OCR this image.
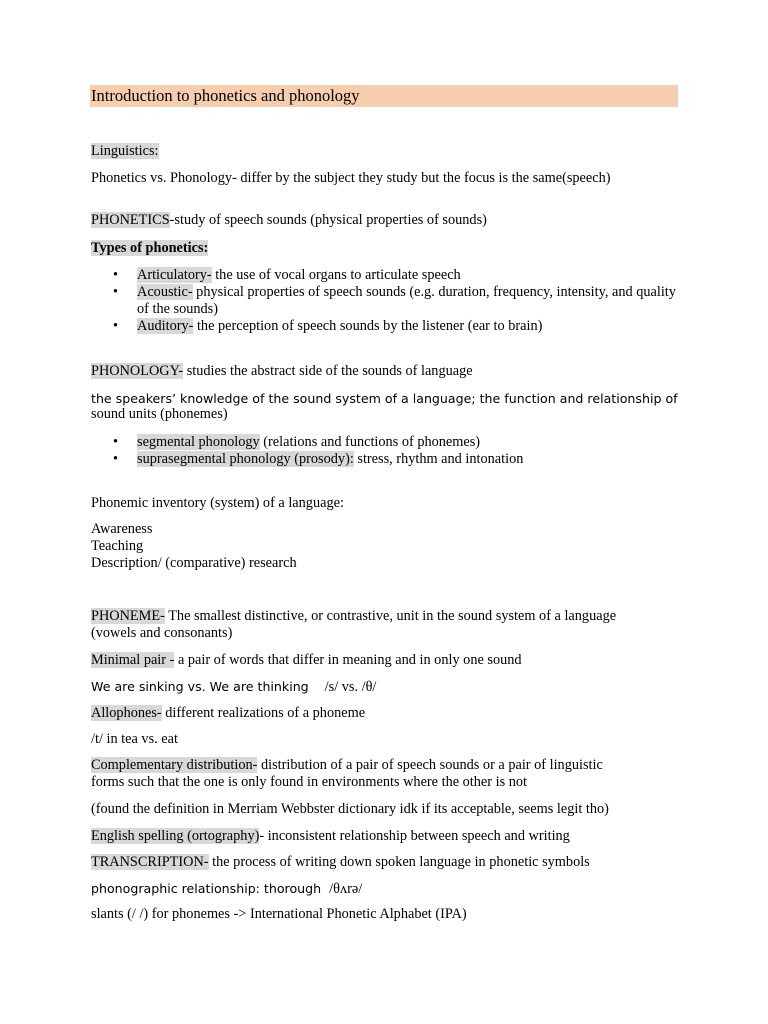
Introduction to phonetics and phonology
Linguistics:
Phonetics vs. Phonology- differ by the subject they study but the focus is the same(speech)
PHONETICS-study of speech sounds (physical properties of sounds)
Types of phonetics:
• Articulatory- the use of vocal organs to articulate speech
• Acoustic- physical properties of speech sounds (e.g. duration, frequency, intensity, and quality of the sounds)
• Auditory- the perception of speech sounds by the listener (ear to brain)
PHONOLOGY- studies the abstract side of the sounds of language
the speakers’ knowledge of the sound system of a language; the function and relationship of
sound units (phonemes)
• segmental phonology (relations and functions of phonemes)
• suprasegmental phonology (prosody): stress, rhythm and intonation
Phonemic inventory (system) of a language:
Awareness
Teaching
Description/ (comparative) research
PHONEME- The smallest distinctive, or contrastive, unit in the sound system of a language
(vowels and consonants)
Minimal pair - a pair of words that differ in meaning and in only one sound
We are sinking vs. We are thinking /s/ vs. /θ/
Allophones- different realizations of a phoneme
/t/ in tea vs. eat
Complementary distribution- distribution of a pair of speech sounds or a pair of linguistic
forms such that the one is only found in environments where the other is not
(found the definition in Merriam Webbster dictionary idk if its acceptable, seems legit tho)
English spelling (ortography)- inconsistent relationship between speech and writing
TRANSCRIPTION- the process of writing down spoken language in phonetic symbols
phonographic relationship: thorough /θʌrə/
slants (/ /) for phonemes -> International Phonetic Alphabet (IPA)
